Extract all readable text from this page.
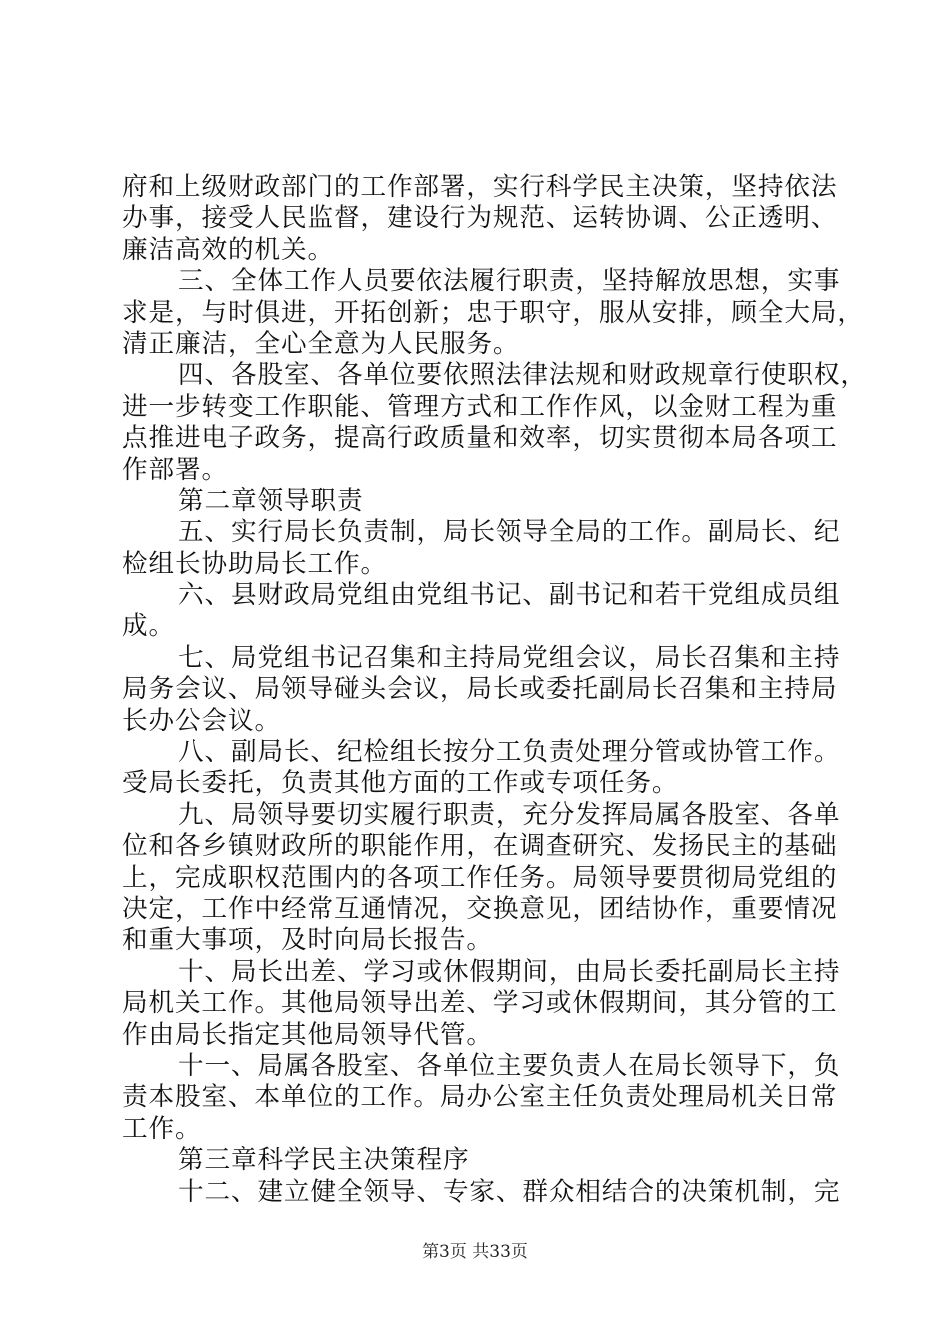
府和上级财政部门的工作部署，实行科学民主决策，坚持依法
办事，接受人民监督，建设行为规范、运转协调、公正透明、
廉洁高效的机关。
三、全体工作人员要依法履行职责，坚持解放思想，实事
求是，与时俱进，开拓创新；忠于职守，服从安排，顾全大局，
清正廉洁，全心全意为人民服务。
四、各股室、各单位要依照法律法规和财政规章行使职权，
进一步转变工作职能、管理方式和工作作风，以金财工程为重
点推进电子政务，提高行政质量和效率，切实贯彻本局各项工
作部署。
第二章领导职责
五、实行局长负责制，局长领导全局的工作。副局长、纪
检组长协助局长工作。
六、县财政局党组由党组书记、副书记和若干党组成员组
成。
七、局党组书记召集和主持局党组会议，局长召集和主持
局务会议、局领导碰头会议，局长或委托副局长召集和主持局
长办公会议。
八、副局长、纪检组长按分工负责处理分管或协管工作。
受局长委托，负责其他方面的工作或专项任务。
九、局领导要切实履行职责，充分发挥局属各股室、各单
位和各乡镇财政所的职能作用，在调查研究、发扬民主的基础
上，完成职权范围内的各项工作任务。局领导要贯彻局党组的
决定，工作中经常互通情况，交换意见，团结协作，重要情况
和重大事项，及时向局长报告。
十、局长出差、学习或休假期间，由局长委托副局长主持
局机关工作。其他局领导出差、学习或休假期间，其分管的工
作由局长指定其他局领导代管。
十一、局属各股室、各单位主要负责人在局长领导下，负
责本股室、本单位的工作。局办公室主任负责处理局机关日常
工作。
第三章科学民主决策程序
十二、建立健全领导、专家、群众相结合的决策机制，完
第3页 共33页
